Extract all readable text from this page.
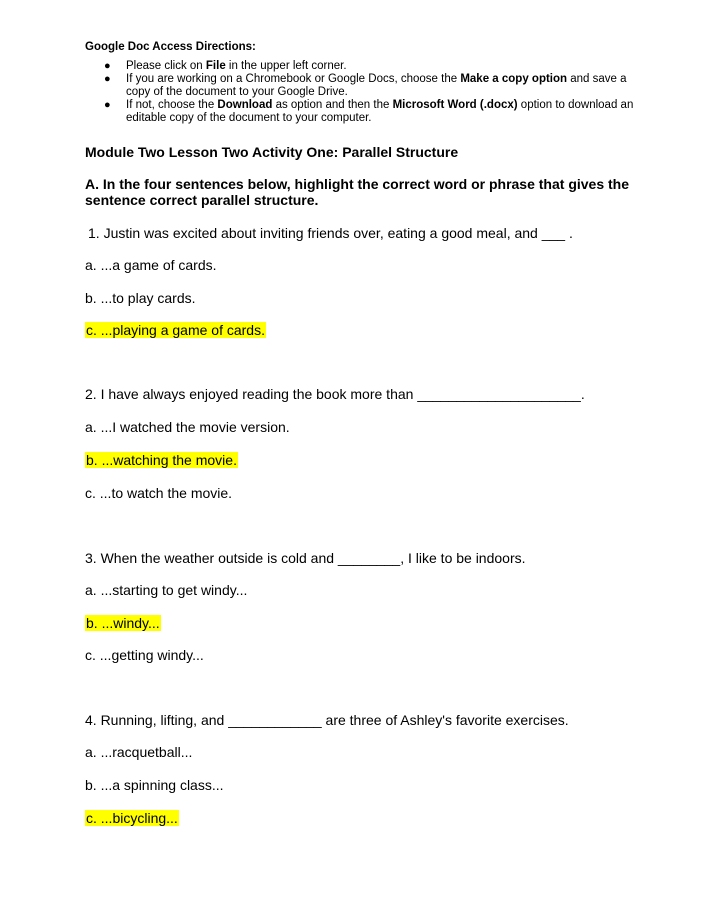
Google Doc Access Directions:

● Please click on File in the upper left corner.
● If you are working on a Chromebook or Google Docs, choose the Make a copy option and save a copy of the document to your Google Drive.
● If not, choose the Download as option and then the Microsoft Word (.docx) option to download an editable copy of the document to your computer.

Module Two Lesson Two Activity One: Parallel Structure

A. In the four sentences below, highlight the correct word or phrase that gives the sentence correct parallel structure.

1. Justin was excited about inviting friends over, eating a good meal, and ___ .
a. ...a game of cards.
b. ...to play cards.
c. ...playing a game of cards.
2. I have always enjoyed reading the book more than _____________________.
a. ...I watched the movie version.
b. ...watching the movie.
c. ...to watch the movie.
3. When the weather outside is cold and ________, I like to be indoors.
a. ...starting to get windy...
b. ...windy...
c. ...getting windy...
4. Running, lifting, and ____________ are three of Ashley's favorite exercises.
a. ...racquetball...
b. ...a spinning class...
c. ...bicycling...
